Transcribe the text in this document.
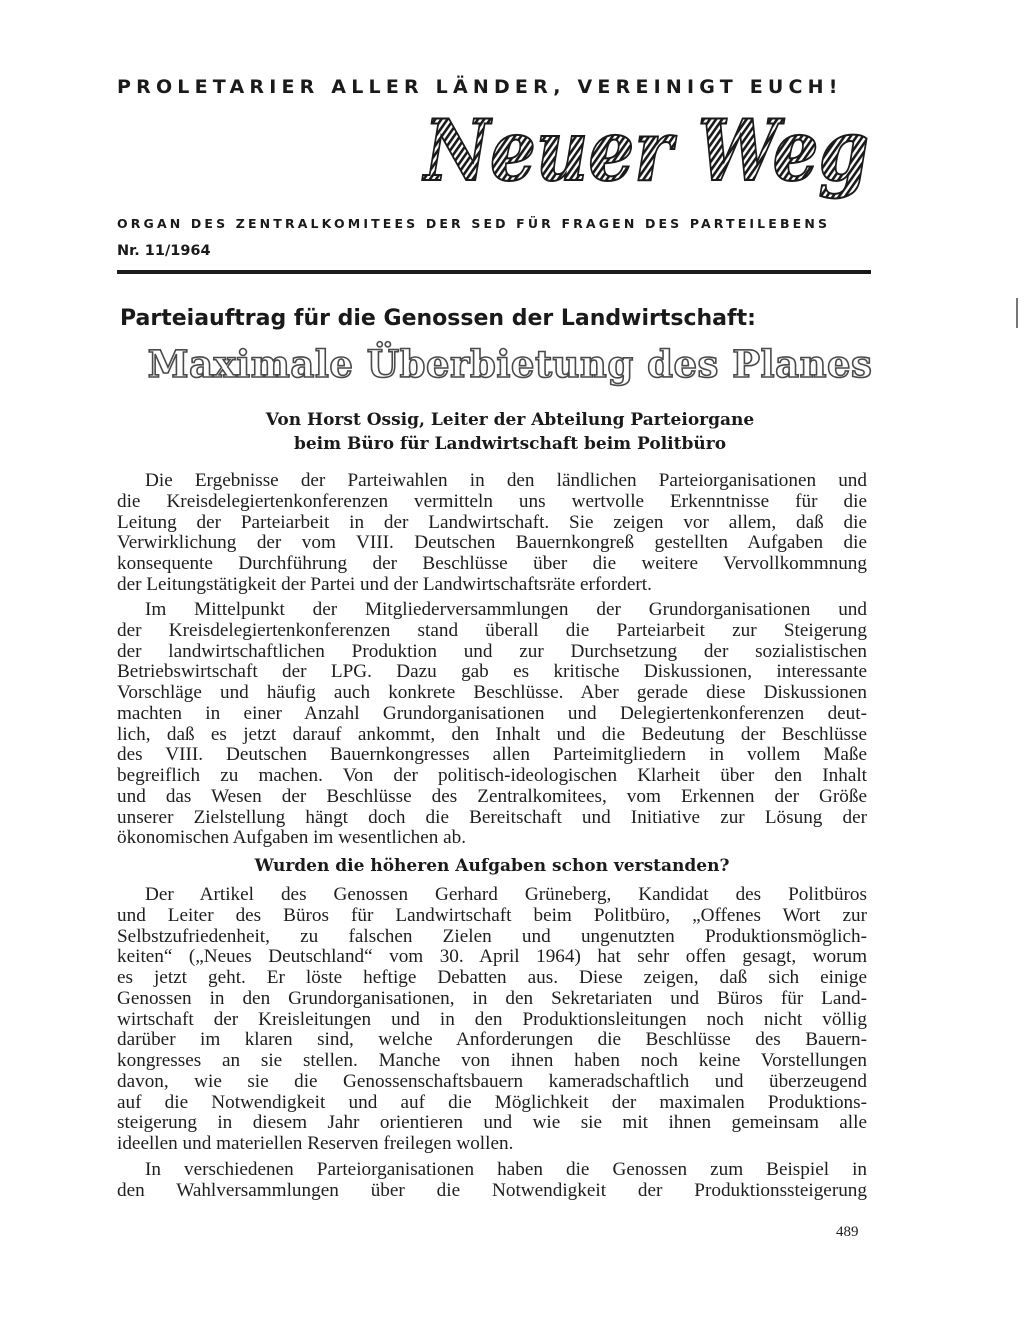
PROLETARIER ALLER LÄNDER, VEREINIGT EUCH!
Neuer Weg
ORGAN DES ZENTRALKOMITEES DER SED FÜR FRAGEN DES PARTEILEBENS
Nr. 11/1964
Parteiauftrag für die Genossen der Landwirtschaft:
Maximale Überbietung des Planes
Von Horst Ossig, Leiter der Abteilung Parteiorgane
beim Büro für Landwirtschaft beim Politbüro
Die Ergebnisse der Parteiwahlen in den ländlichen Parteiorganisationen und
die Kreisdelegiertenkonferenzen vermitteln uns wertvolle Erkenntnisse für die
Leitung der Parteiarbeit in der Landwirtschaft. Sie zeigen vor allem, daß die
Verwirklichung der vom VIII. Deutschen Bauernkongreß gestellten Aufgaben die
konsequente Durchführung der Beschlüsse über die weitere Vervollkommnung
der Leitungstätigkeit der Partei und der Landwirtschaftsräte erfordert.
Im Mittelpunkt der Mitgliederversammlungen der Grundorganisationen und
der Kreisdelegiertenkonferenzen stand überall die Parteiarbeit zur Steigerung
der landwirtschaftlichen Produktion und zur Durchsetzung der sozialistischen
Betriebswirtschaft der LPG. Dazu gab es kritische Diskussionen, interessante
Vorschläge und häufig auch konkrete Beschlüsse. Aber gerade diese Diskussionen
machten in einer Anzahl Grundorganisationen und Delegiertenkonferenzen deut-
lich, daß es jetzt darauf ankommt, den Inhalt und die Bedeutung der Beschlüsse
des VIII. Deutschen Bauernkongresses allen Parteimitgliedern in vollem Maße
begreiflich zu machen. Von der politisch-ideologischen Klarheit über den Inhalt
und das Wesen der Beschlüsse des Zentralkomitees, vom Erkennen der Größe
unserer Zielstellung hängt doch die Bereitschaft und Initiative zur Lösung der
ökonomischen Aufgaben im wesentlichen ab.
Wurden die höheren Aufgaben schon verstanden?
Der Artikel des Genossen Gerhard Grüneberg, Kandidat des Politbüros
und Leiter des Büros für Landwirtschaft beim Politbüro, „Offenes Wort zur
Selbstzufriedenheit, zu falschen Zielen und ungenutzten Produktionsmöglich-
keiten“ („Neues Deutschland“ vom 30. April 1964) hat sehr offen gesagt, worum
es jetzt geht. Er löste heftige Debatten aus. Diese zeigen, daß sich einige
Genossen in den Grundorganisationen, in den Sekretariaten und Büros für Land-
wirtschaft der Kreisleitungen und in den Produktionsleitungen noch nicht völlig
darüber im klaren sind, welche Anforderungen die Beschlüsse des Bauern-
kongresses an sie stellen. Manche von ihnen haben noch keine Vorstellungen
davon, wie sie die Genossenschaftsbauern kameradschaftlich und überzeugend
auf die Notwendigkeit und auf die Möglichkeit der maximalen Produktions-
steigerung in diesem Jahr orientieren und wie sie mit ihnen gemeinsam alle
ideellen und materiellen Reserven freilegen wollen.
In verschiedenen Parteiorganisationen haben die Genossen zum Beispiel in
den Wahlversammlungen über die Notwendigkeit der Produktionssteigerung
489
